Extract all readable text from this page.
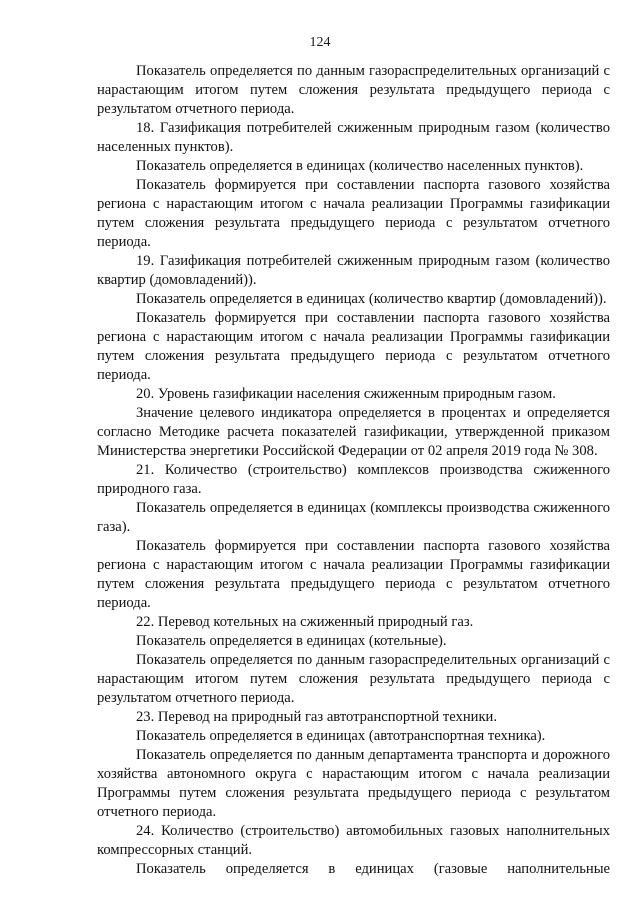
124

Показатель определяется по данным газораспределительных организаций с нарастающим итогом путем сложения результата предыдущего периода с результатом отчетного периода.

18. Газификация потребителей сжиженным природным газом (количество населенных пунктов).

Показатель определяется в единицах (количество населенных пунктов).

Показатель формируется при составлении паспорта газового хозяйства региона с нарастающим итогом с начала реализации Программы газификации путем сложения результата предыдущего периода с результатом отчетного периода.

19. Газификация потребителей сжиженным природным газом (количество квартир (домовладений)).

Показатель определяется в единицах (количество квартир (домовладений)).

Показатель формируется при составлении паспорта газового хозяйства региона с нарастающим итогом с начала реализации Программы газификации путем сложения результата предыдущего периода с результатом отчетного периода.

20. Уровень газификации населения сжиженным природным газом.

Значение целевого индикатора определяется в процентах и определяется согласно Методике расчета показателей газификации, утвержденной приказом Министерства энергетики Российской Федерации от 02 апреля 2019 года № 308.

21. Количество (строительство) комплексов производства сжиженного природного газа.

Показатель определяется в единицах (комплексы производства сжиженного газа).

Показатель формируется при составлении паспорта газового хозяйства региона с нарастающим итогом с начала реализации Программы газификации путем сложения результата предыдущего периода с результатом отчетного периода.

22. Перевод котельных на сжиженный природный газ.

Показатель определяется в единицах (котельные).

Показатель определяется по данным газораспределительных организаций с нарастающим итогом путем сложения результата предыдущего периода с результатом отчетного периода.

23. Перевод на природный газ автотранспортной техники.

Показатель определяется в единицах (автотранспортная техника).

Показатель определяется по данным департамента транспорта и дорожного хозяйства автономного округа с нарастающим итогом с начала реализации Программы путем сложения результата предыдущего периода с результатом отчетного периода.

24. Количество (строительство) автомобильных газовых наполнительных компрессорных станций.

Показатель определяется в единицах (газовые наполнительные
